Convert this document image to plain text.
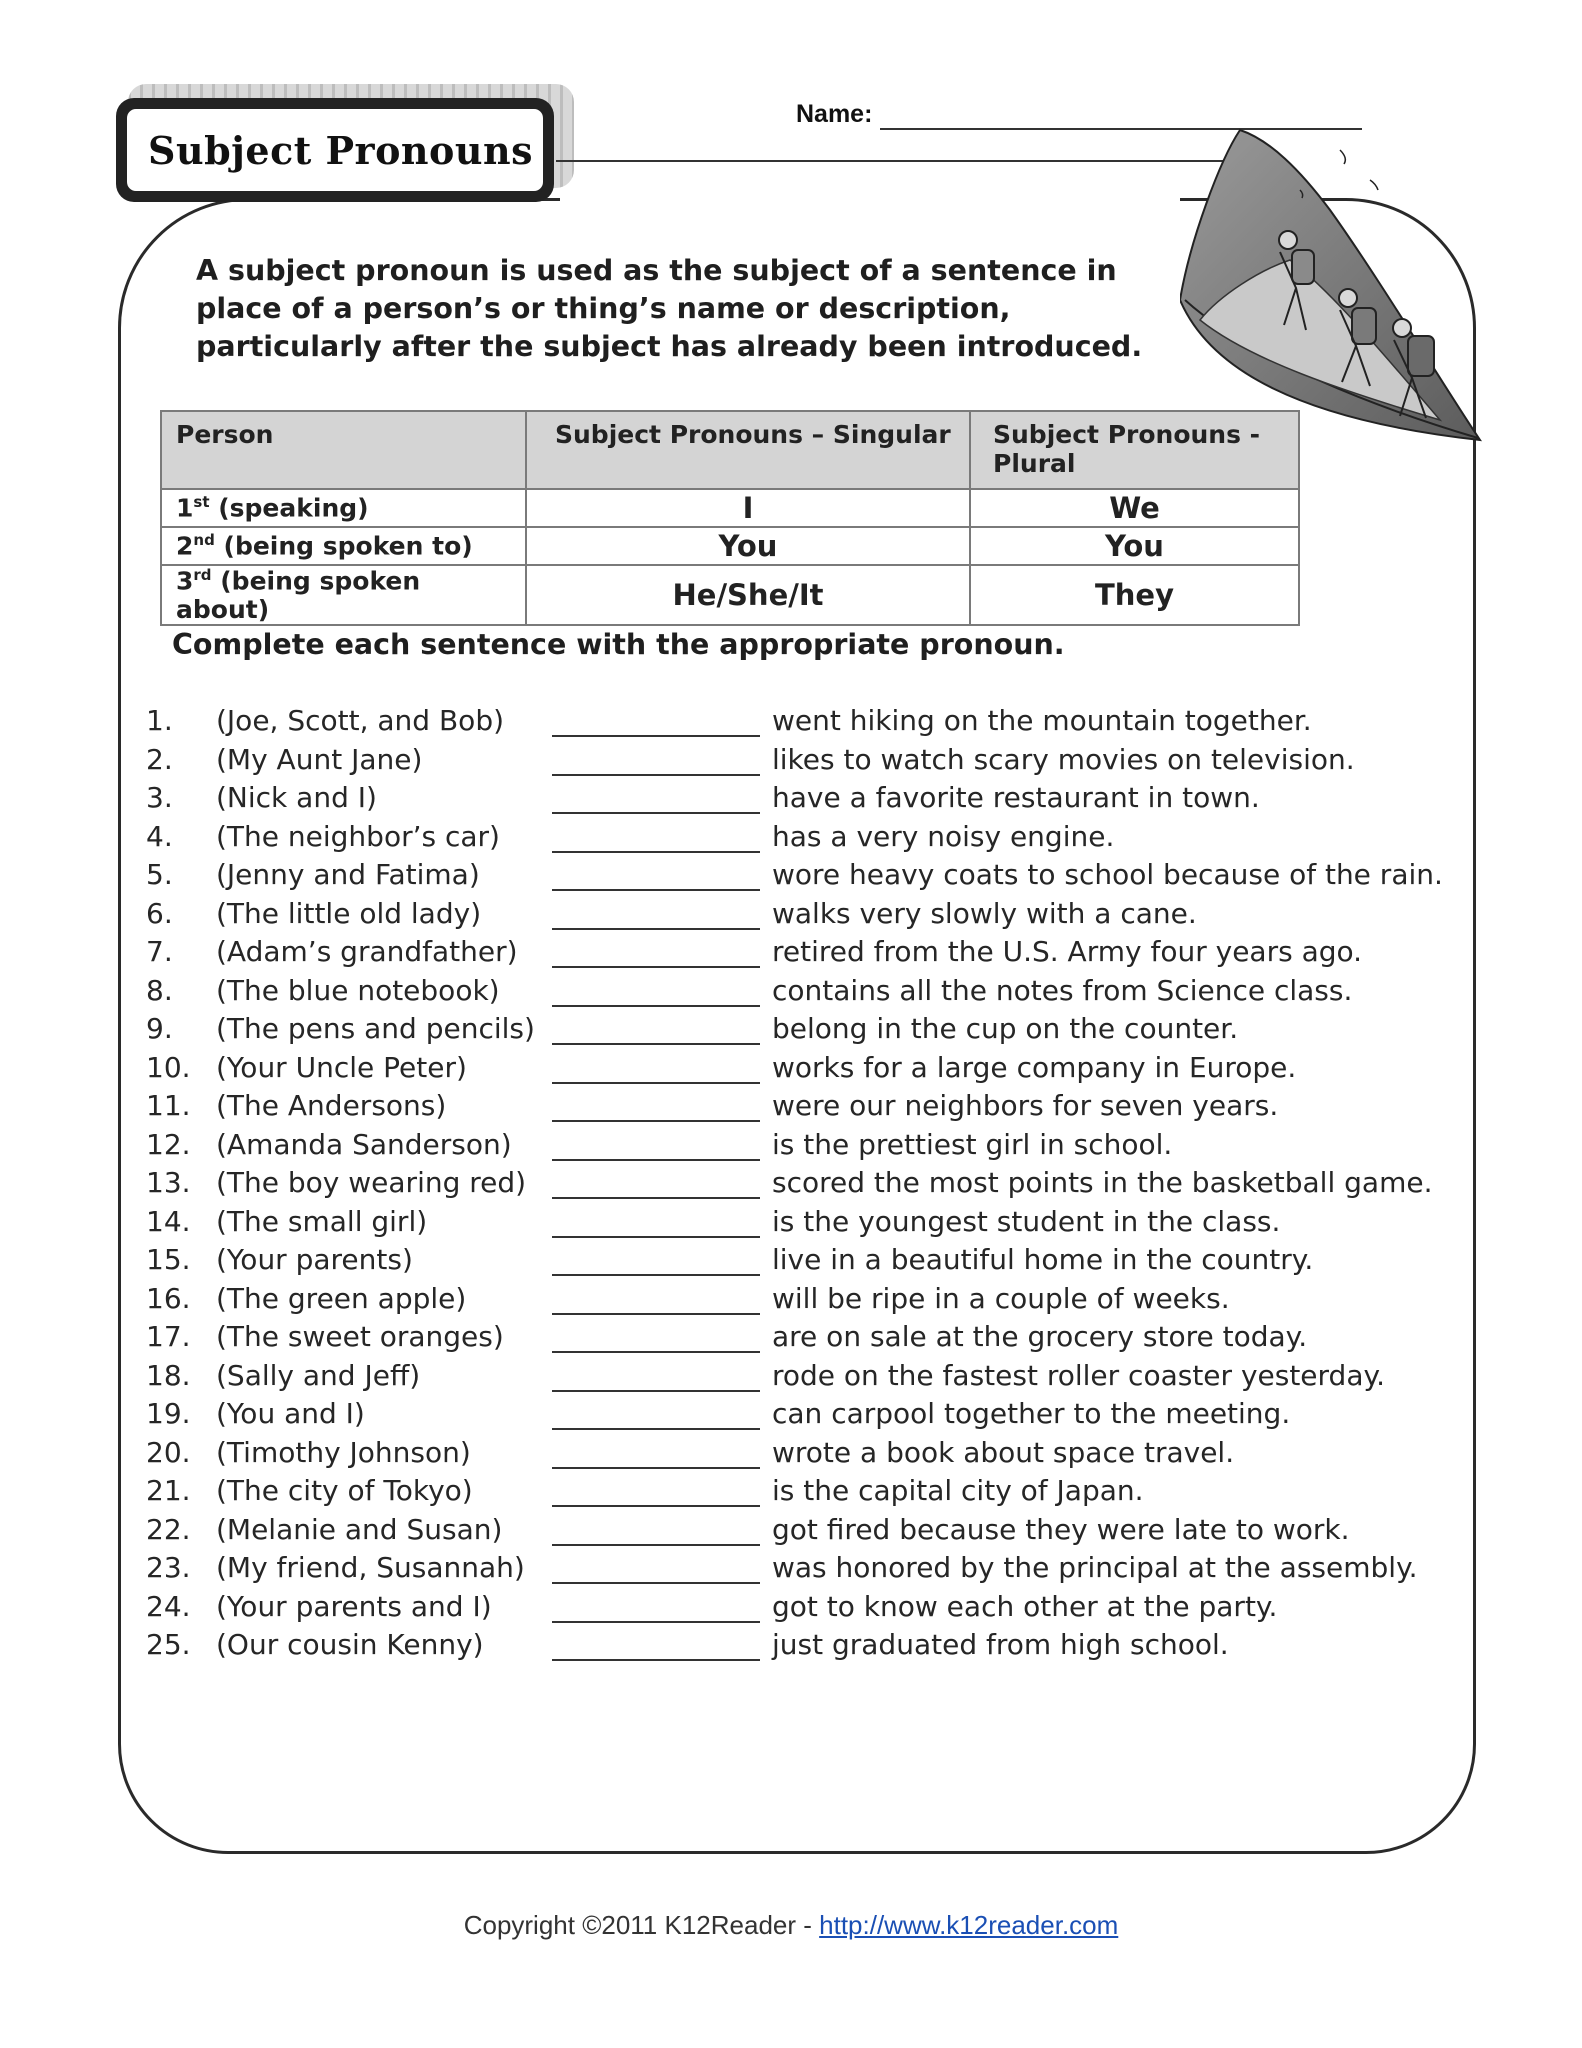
Subject Pronouns
Name:
A subject pronoun is used as the subject of a sentence in place of a person’s or thing’s name or description, particularly after the subject has already been introduced.
Person	Subject Pronouns – Singular	Subject Pronouns - Plural
1st (speaking)	I	We
2nd (being spoken to)	You	You
3rd (being spoken about)	He/She/It	They
Complete each sentence with the appropriate pronoun.
1. (Joe, Scott, and Bob)	went hiking on the mountain together.
2. (My Aunt Jane)	likes to watch scary movies on television.
3. (Nick and I)	have a favorite restaurant in town.
4. (The neighbor’s car)	has a very noisy engine.
5. (Jenny and Fatima)	wore heavy coats to school because of the rain.
6. (The little old lady)	walks very slowly with a cane.
7. (Adam’s grandfather)	retired from the U.S. Army four years ago.
8. (The blue notebook)	contains all the notes from Science class.
9. (The pens and pencils)	belong in the cup on the counter.
10. (Your Uncle Peter)	works for a large company in Europe.
11. (The Andersons)	were our neighbors for seven years.
12. (Amanda Sanderson)	is the prettiest girl in school.
13. (The boy wearing red)	scored the most points in the basketball game.
14. (The small girl)	is the youngest student in the class.
15. (Your parents)	live in a beautiful home in the country.
16. (The green apple)	will be ripe in a couple of weeks.
17. (The sweet oranges)	are on sale at the grocery store today.
18. (Sally and Jeff)	rode on the fastest roller coaster yesterday.
19. (You and I)	can carpool together to the meeting.
20. (Timothy Johnson)	wrote a book about space travel.
21. (The city of Tokyo)	is the capital city of Japan.
22. (Melanie and Susan)	got fired because they were late to work.
23. (My friend, Susannah)	was honored by the principal at the assembly.
24. (Your parents and I)	got to know each other at the party.
25. (Our cousin Kenny)	just graduated from high school.
Copyright ©2011 K12Reader - http://www.k12reader.com
